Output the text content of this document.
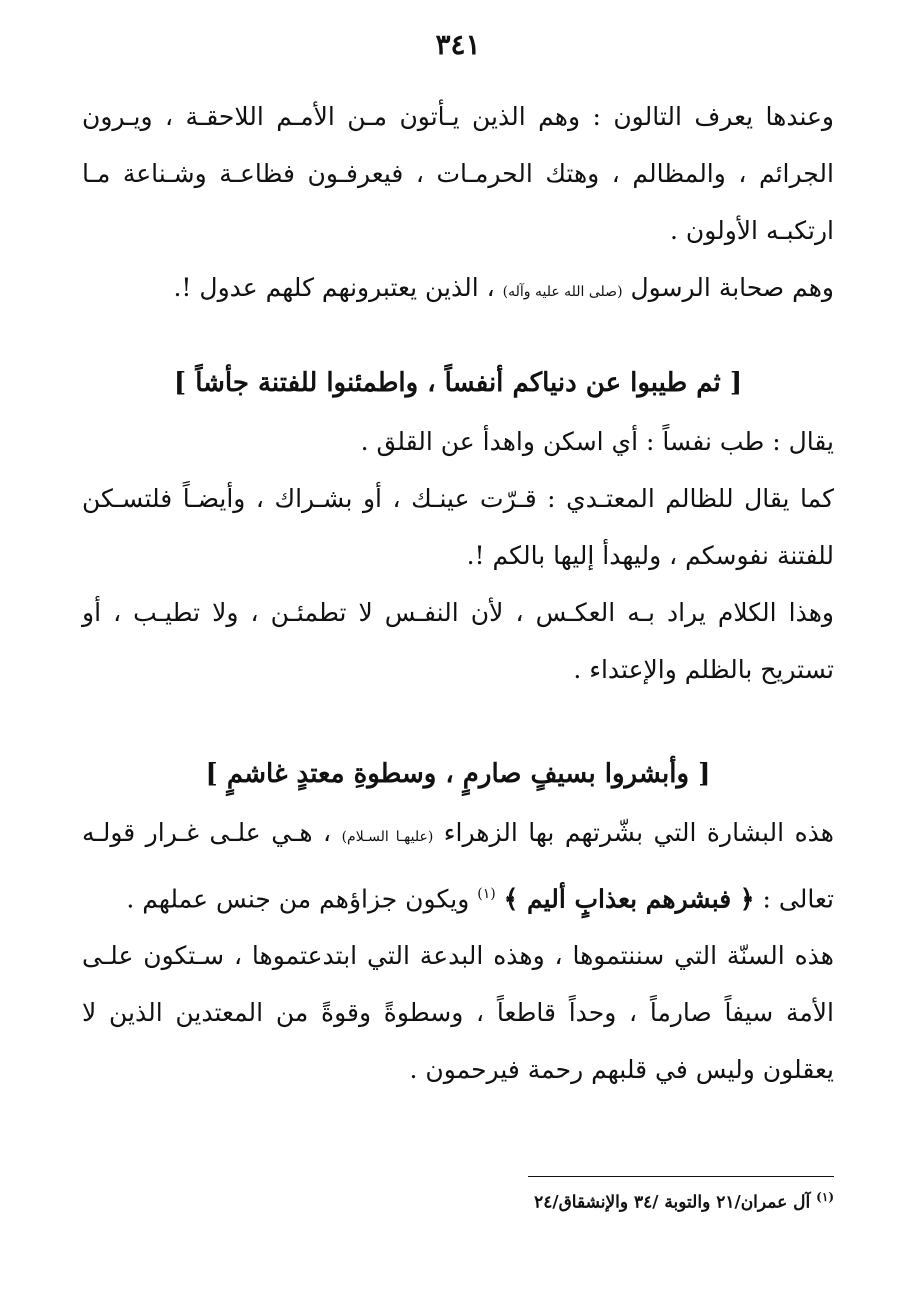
٣٤١

وعندها يعرف التالون : وهم الذين يـأتون مـن الأمـم اللاحقـة ، ويـرون الجرائم ، والمظالم ، وهتك الحرمـات ، فيعرفـون فظاعـة وشـناعة مـا ارتكبـه الأولون .

وهم صحابة الرسول (صلى الله عليه وآله) ، الذين يعتبرونهم كلهم عدول !.

[ ثم طيبوا عن دنياكم أنفساً ، واطمئنوا للفتنة جأشاً ]

يقال : طب نفساً : أي اسكن واهدأ عن القلق .

كما يقال للظالم المعتـدي : قـرّت عينـك ، أو بشـراك ، وأيضـاً فلتسـكن للفتنة نفوسكم ، وليهدأ إليها بالكم !.

وهذا الكلام يراد بـه العكـس ، لأن النفـس لا تطمئـن ، ولا تطيـب ، أو تستريح بالظلم والإعتداء .

[ وأبشروا بسيفٍ صارمٍ ، وسطوةِ معتدٍ غاشمٍ ]

هذه البشارة التي بشّرتهم بها الزهراء (عليهـا السـلام) ، هـي علـى غـرار قولـه تعالى : ﴿ فبشرهم بعذابٍ أليم ﴾ $^{(١)}$ ويكون جزاؤهم من جنس عملهم .

هذه السنّة التي سننتموها ، وهذه البدعة التي ابتدعتموها ، سـتكون علـى الأمة سيفاً صارماً ، وحداً قاطعاً ، وسطوةً وقوةً من المعتدين الذين لا يعقلون وليس في قلبهم رحمة فيرحمون .

$^{(١)}$ آل عمران/٢١ والتوبة /٣٤ والإنشقاق/٢٤
